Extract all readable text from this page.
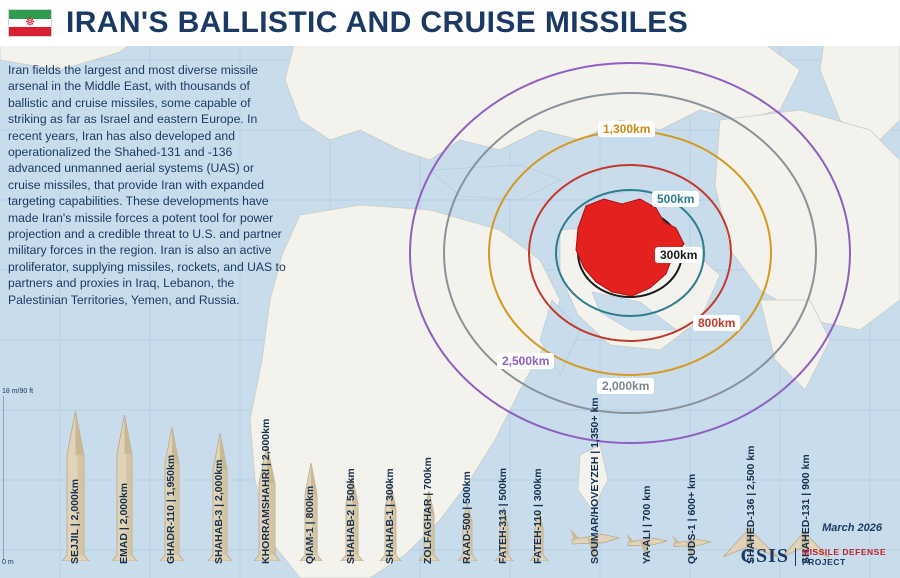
☸ IRAN'S BALLISTIC AND CRUISE MISSILES
Iran fields the largest and most diverse missile arsenal in the Middle East, with thousands of ballistic and cruise missiles, some capable of striking as far as Israel and eastern Europe. In recent years, Iran has also developed and operationalized the Shahed-131 and -136 advanced unmanned aerial systems (UAS) or cruise missiles, that provide Iran with expanded targeting capabilities. These developments have made Iran's missile forces a potent tool for power projection and a credible threat to U.S. and partner military forces in the region. Iran is also an active proliferator, supplying missiles, rockets, and UAS to partners and proxies in Iraq, Lebanon, the Palestinian Territories, Yemen, and Russia.
1,300km
500km
300km
800km
2,500km
2,000km
18 m/90 ft
0 m	SEJJIL | 2,000km	EMAD | 2,000km	GHADR-110 | 1,950km	SHAHAB-3 | 2,000km	KHORRAMSHAHRI | 2,000km	QIAM-1 | 800km	SHAHAB-2 | 500km	SHAHAB-1 | 300km	ZOLFAGHAR | 700km	RAAD-500 | 500km FATEH-313 | 500km FATEH-110 | 300km	SOUMAR/HOVEYZEH | 1,350+ km	YA-ALI | 700 km	QUDS-1 | 600+ km	SHAHED-136 | 2,500 km	SHAHED-131 | 900 km March 2026
CSIS MISSILE DEFENSE
PROJECT
